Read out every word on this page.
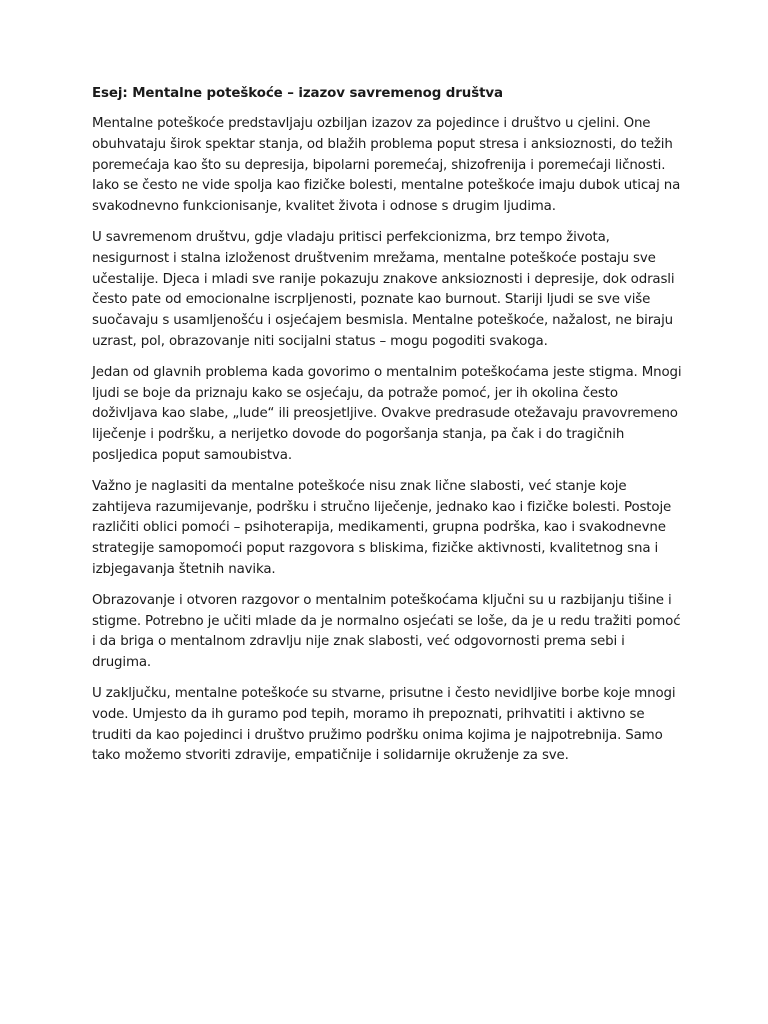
Esej: Mentalne poteškoće – izazov savremenog društva

Mentalne poteškoće predstavljaju ozbiljan izazov za pojedince i društvo u cjelini. One obuhvataju širok spektar stanja, od blažih problema poput stresa i anksioznosti, do težih poremećaja kao što su depresija, bipolarni poremećaj, shizofrenija i poremećaji ličnosti. Iako se često ne vide spolja kao fizičke bolesti, mentalne poteškoće imaju dubok uticaj na svakodnevno funkcionisanje, kvalitet života i odnose s drugim ljudima.

U savremenom društvu, gdje vladaju pritisci perfekcionizma, brz tempo života, nesigurnost i stalna izloženost društvenim mrežama, mentalne poteškoće postaju sve učestalije. Djeca i mladi sve ranije pokazuju znakove anksioznosti i depresije, dok odrasli često pate od emocionalne iscrpljenosti, poznate kao burnout. Stariji ljudi se sve više suočavaju s usamljenošću i osjećajem besmisla. Mentalne poteškoće, nažalost, ne biraju uzrast, pol, obrazovanje niti socijalni status – mogu pogoditi svakoga.

Jedan od glavnih problema kada govorimo o mentalnim poteškoćama jeste stigma. Mnogi ljudi se boje da priznaju kako se osjećaju, da potraže pomoć, jer ih okolina često doživljava kao slabe, „lude“ ili preosjetljive. Ovakve predrasude otežavaju pravovremeno liječenje i podršku, a nerijetko dovode do pogoršanja stanja, pa čak i do tragičnih posljedica poput samoubistva.

Važno je naglasiti da mentalne poteškoće nisu znak lične slabosti, već stanje koje zahtijeva razumijevanje, podršku i stručno liječenje, jednako kao i fizičke bolesti. Postoje različiti oblici pomoći – psihoterapija, medikamenti, grupna podrška, kao i svakodnevne strategije samopomoći poput razgovora s bliskima, fizičke aktivnosti, kvalitetnog sna i izbjegavanja štetnih navika.

Obrazovanje i otvoren razgovor o mentalnim poteškoćama ključni su u razbijanju tišine i stigme. Potrebno je učiti mlade da je normalno osjećati se loše, da je u redu tražiti pomoć i da briga o mentalnom zdravlju nije znak slabosti, već odgovornosti prema sebi i drugima.

U zaključku, mentalne poteškoće su stvarne, prisutne i često nevidljive borbe koje mnogi vode. Umjesto da ih guramo pod tepih, moramo ih prepoznati, prihvatiti i aktivno se truditi da kao pojedinci i društvo pružimo podršku onima kojima je najpotrebnija. Samo tako možemo stvoriti zdravije, empatičnije i solidarnije okruženje za sve.
